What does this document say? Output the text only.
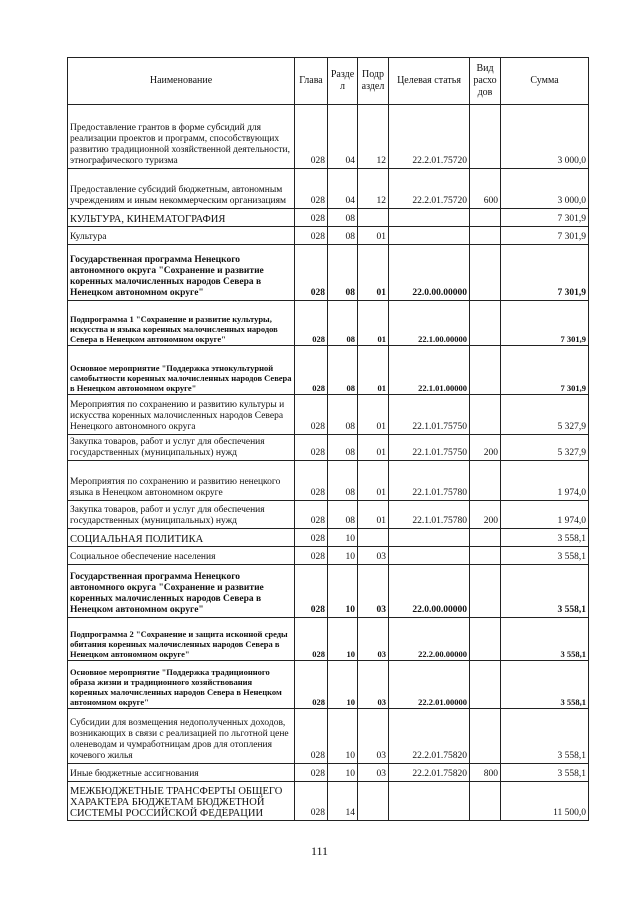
Наименование	Глава	Разде л	Подр аздел	Целевая статья	Вид расхо дов	Сумма
Предоставление грантов в форме субсидий для реализации проектов и программ, способствующих развитию традиционной хозяйственной деятельности, этнографического туризма	028	04	12	22.2.01.75720		3 000,0
Предоставление субсидий бюджетным, автономным учреждениям и иным некоммерческим организациям	028	04	12	22.2.01.75720	600	3 000,0
КУЛЬТУРА, КИНЕМАТОГРАФИЯ	028	08				7 301,9
Культура	028	08	01			7 301,9
Государственная программа Ненецкого автономного округа "Сохранение и развитие коренных малочисленных народов Севера в Ненецком автономном округе"	028	08	01	22.0.00.00000		7 301,9
Подпрограмма 1 "Сохранение и развитие культуры, искусства и языка коренных малочисленных народов Севера в Ненецком автономном округе"	028	08	01	22.1.00.00000		7 301,9
Основное мероприятие "Поддержка этнокультурной самобытности коренных малочисленных народов Севера в Ненецком автономном округе"	028	08	01	22.1.01.00000		7 301,9
Мероприятия по сохранению и развитию культуры и искусства коренных малочисленных народов Севера Ненецкого автономного округа	028	08	01	22.1.01.75750		5 327,9
Закупка товаров, работ и услуг для обеспечения государственных (муниципальных) нужд	028	08	01	22.1.01.75750	200	5 327,9
Мероприятия по сохранению и развитию ненецкого языка в Ненецком автономном округе	028	08	01	22.1.01.75780		1 974,0
Закупка товаров, работ и услуг для обеспечения государственных (муниципальных) нужд	028	08	01	22.1.01.75780	200	1 974,0
СОЦИАЛЬНАЯ ПОЛИТИКА	028	10				3 558,1
Социальное обеспечение населения	028	10	03			3 558,1
Государственная программа Ненецкого автономного округа "Сохранение и развитие коренных малочисленных народов Севера в Ненецком автономном округе"	028	10	03	22.0.00.00000		3 558,1
Подпрограмма 2 "Сохранение и защита исконной среды обитания коренных малочисленных народов Севера в Ненецком автономном округе"	028	10	03	22.2.00.00000		3 558,1
Основное мероприятие "Поддержка традиционного образа жизни и традиционного хозяйствования коренных малочисленных народов Севера в Ненецком автономном округе"	028	10	03	22.2.01.00000		3 558,1
Субсидии для возмещения недополученных доходов, возникающих в связи с реализацией по льготной цене оленеводам и чумработницам дров для отопления кочевого жилья	028	10	03	22.2.01.75820		3 558,1
Иные бюджетные ассигнования	028	10	03	22.2.01.75820	800	3 558,1
МЕЖБЮДЖЕТНЫЕ ТРАНСФЕРТЫ ОБЩЕГО ХАРАКТЕРА БЮДЖЕТАМ БЮДЖЕТНОЙ СИСТЕМЫ РОССИЙСКОЙ ФЕДЕРАЦИИ	028	14				11 500,0
111
